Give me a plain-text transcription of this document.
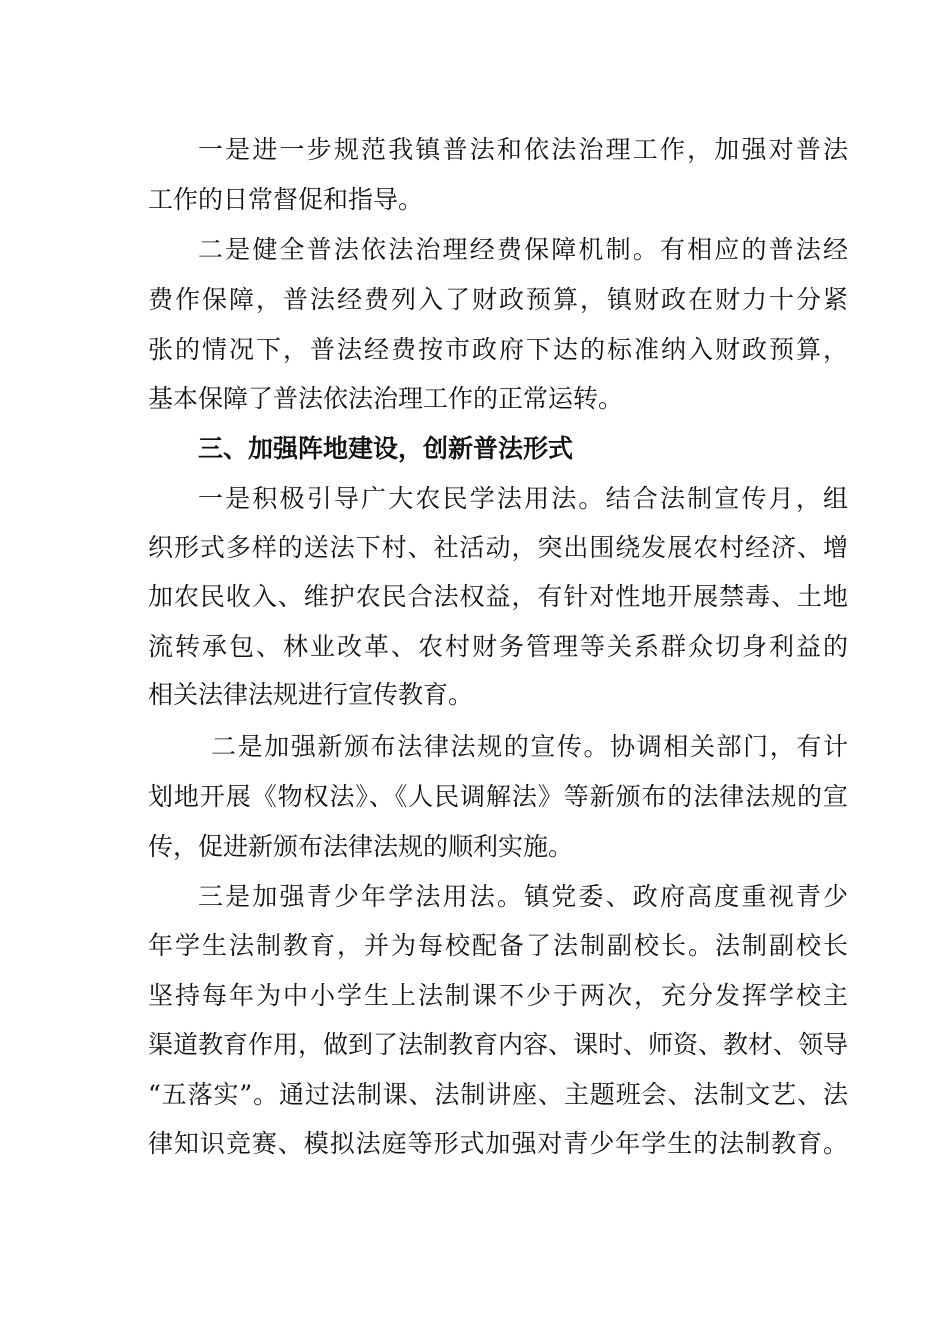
一是进一步规范我镇普法和依法治理工作，加强对普法
工作的日常督促和指导。
二是健全普法依法治理经费保障机制。有相应的普法经
费作保障，普法经费列入了财政预算，镇财政在财力十分紧
张的情况下，普法经费按市政府下达的标准纳入财政预算，
基本保障了普法依法治理工作的正常运转。
三、加强阵地建设，创新普法形式
一是积极引导广大农民学法用法。结合法制宣传月，组
织形式多样的送法下村、社活动，突出围绕发展农村经济、增
加农民收入、维护农民合法权益，有针对性地开展禁毒、土地
流转承包、林业改革、农村财务管理等关系群众切身利益的
相关法律法规进行宣传教育。
二是加强新颁布法律法规的宣传。协调相关部门，有计
划地开展《物权法》、《人民调解法》等新颁布的法律法规的宣
传，促进新颁布法律法规的顺利实施。
三是加强青少年学法用法。镇党委、政府高度重视青少
年学生法制教育，并为每校配备了法制副校长。法制副校长
坚持每年为中小学生上法制课不少于两次，充分发挥学校主
渠道教育作用，做到了法制教育内容、课时、师资、教材、领导
“五落实”。通过法制课、法制讲座、主题班会、法制文艺、法
律知识竞赛、模拟法庭等形式加强对青少年学生的法制教育。
